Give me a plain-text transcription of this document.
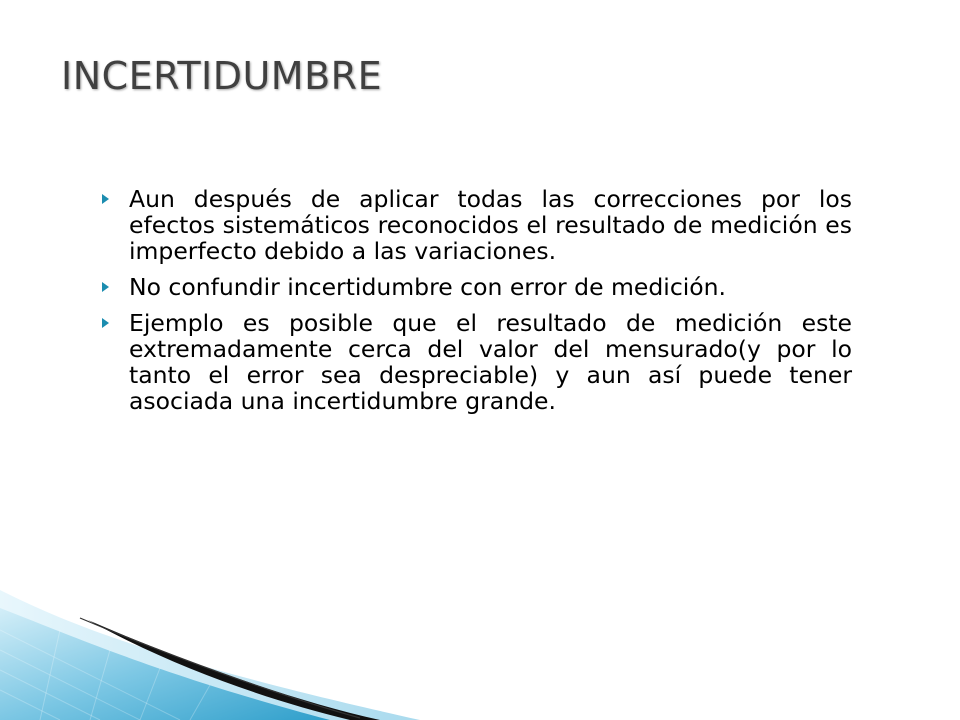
INCERTIDUMBRE
Aun después de aplicar todas las correcciones por los efectos sistemáticos reconocidos el resultado de medición es imperfecto debido a las variaciones.
No confundir incertidumbre con error de medición.
Ejemplo es posible que el resultado de medición este extremadamente cerca del valor del mensurado(y por lo tanto el error sea despreciable) y aun así puede tener asociada una incertidumbre grande.
